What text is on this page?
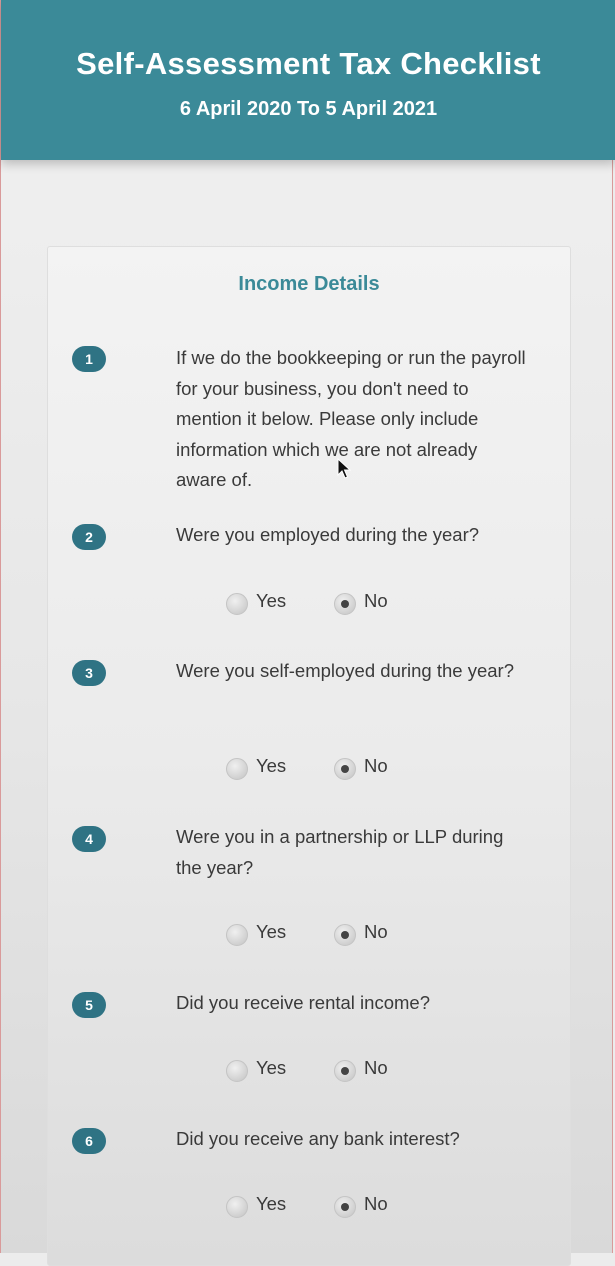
Self-Assessment Tax Checklist
6 April 2020 To 5 April 2021
Income Details
1	If we do the bookkeeping or run the payroll for your business, you don't need to mention it below. Please only include information which we are not already aware of.
2	Were you employed during the year?
Yes	No
3	Were you self-employed during the year?
Yes	No
4	Were you in a partnership or LLP during the year?
Yes	No
5	Did you receive rental income?
Yes	No
6	Did you receive any bank interest?
Yes	No
